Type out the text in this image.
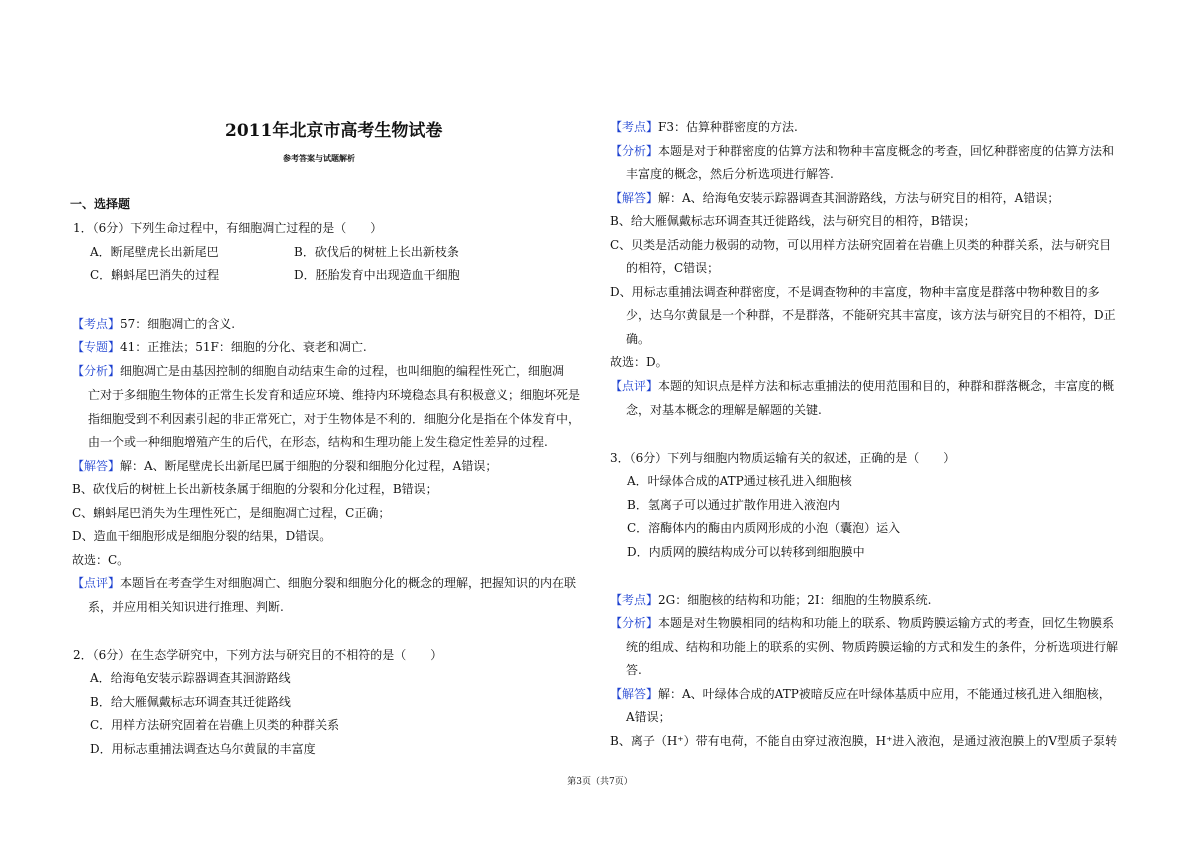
2011年北京市高考生物试卷
参考答案与试题解析
一、选择题
1．（6分）下列生命过程中，有细胞凋亡过程的是（　　）
A．断尾壁虎长出新尾巴	B．砍伐后的树桩上长出新枝条
C．蝌蚪尾巴消失的过程	D．胚胎发育中出现造血干细胞
【考点】57：细胞凋亡的含义.
【专题】41：正推法；51F：细胞的分化、衰老和凋亡.
【分析】细胞凋亡是由基因控制的细胞自动结束生命的过程，也叫细胞的编程性死亡，细胞凋
亡对于多细胞生物体的正常生长发育和适应环境、维持内环境稳态具有积极意义；细胞坏死是
指细胞受到不利因素引起的非正常死亡，对于生物体是不利的．细胞分化是指在个体发育中，
由一个或一种细胞增殖产生的后代，在形态，结构和生理功能上发生稳定性差异的过程.
【解答】解：A、断尾壁虎长出新尾巴属于细胞的分裂和细胞分化过程，A错误；
B、砍伐后的树桩上长出新枝条属于细胞的分裂和分化过程，B错误；
C、蝌蚪尾巴消失为生理性死亡，是细胞凋亡过程，C正确；
D、造血干细胞形成是细胞分裂的结果，D错误。
故选：C。
【点评】本题旨在考查学生对细胞凋亡、细胞分裂和细胞分化的概念的理解，把握知识的内在联
系，并应用相关知识进行推理、判断.
2．（6分）在生态学研究中，下列方法与研究目的不相符的是（　　）
A．给海龟安装示踪器调查其洄游路线
B．给大雁佩戴标志环调查其迁徙路线
C．用样方法研究固着在岩礁上贝类的种群关系
D．用标志重捕法调查达乌尔黄鼠的丰富度
【考点】F3：估算种群密度的方法.
【分析】本题是对于种群密度的估算方法和物种丰富度概念的考查，回忆种群密度的估算方法和
丰富度的概念，然后分析选项进行解答.
【解答】解：A、给海龟安装示踪器调查其洄游路线，方法与研究目的相符，A错误；
B、给大雁佩戴标志环调查其迁徙路线，法与研究目的相符，B错误；
C、贝类是活动能力极弱的动物，可以用样方法研究固着在岩礁上贝类的种群关系，法与研究目
的相符，C错误；
D、用标志重捕法调查种群密度，不是调查物种的丰富度，物种丰富度是群落中物种数目的多
少，达乌尔黄鼠是一个种群，不是群落，不能研究其丰富度，该方法与研究目的不相符，D正
确。
故选：D。
【点评】本题的知识点是样方法和标志重捕法的使用范围和目的，种群和群落概念，丰富度的概
念，对基本概念的理解是解题的关键.
3．（6分）下列与细胞内物质运输有关的叙述，正确的是（　　）
A．叶绿体合成的ATP通过核孔进入细胞核
B．氢离子可以通过扩散作用进入液泡内
C．溶酶体内的酶由内质网形成的小泡（囊泡）运入
D．内质网的膜结构成分可以转移到细胞膜中
【考点】2G：细胞核的结构和功能；2I：细胞的生物膜系统.
【分析】本题是对生物膜相同的结构和功能上的联系、物质跨膜运输方式的考查，回忆生物膜系
统的组成、结构和功能上的联系的实例、物质跨膜运输的方式和发生的条件，分析选项进行解
答.
【解答】解：A、叶绿体合成的ATP被暗反应在叶绿体基质中应用，不能通过核孔进入细胞核，
A错误；
B、离子（H⁺）带有电荷，不能自由穿过液泡膜，H⁺进入液泡，是通过液泡膜上的V型质子泵转
第3页（共7页）
